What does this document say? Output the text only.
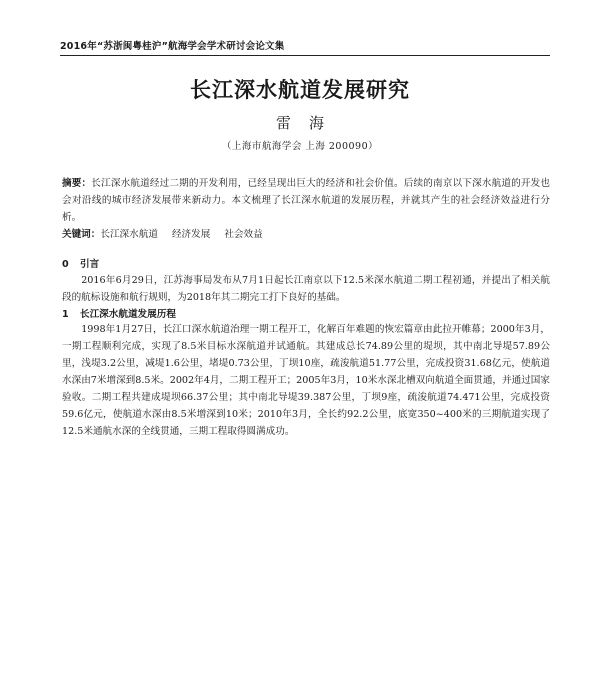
2016年“苏浙闽粤桂沪”航海学会学术研讨会论文集
长江深水航道发展研究
雷海
（上海市航海学会 上海 200090）
摘要：长江深水航道经过二期的开发利用，已经呈现出巨大的经济和社会价值。后续的南京以下深水航道的开发也会对沿线的城市经济发展带来新动力。本文梳理了长江深水航道的发展历程，并就其产生的社会经济效益进行分析。
关键词：长江深水航道 经济发展 社会效益
0 引言

2016年6月29日，江苏海事局发布从7月1日起长江南京以下12.5米深水航道二期工程初通，并提出了相关航段的航标设施和航行规则，为2018年其二期完工打下良好的基础。

1 长江深水航道发展历程

1998年1月27日，长江口深水航道治理一期工程开工，化解百年难题的恢宏篇章由此拉开帷幕；2000年3月，一期工程顺利完成，实现了8.5米目标水深航道并试通航。其建成总长74.89公里的堤坝，其中南北导堤57.89公里，浅堤3.2公里，减堤1.6公里，堵堤0.73公里，丁坝10座，疏浚航道51.77公里，完成投资31.68亿元，使航道水深由7米增深到8.5米。2002年4月，二期工程开工；2005年3月，10米水深北槽双向航道全面贯通，并通过国家验收。二期工程共建成堤坝66.37公里；其中南北导堤39.387公里，丁坝9座，疏浚航道74.471公里，完成投资59.6亿元，使航道水深由8.5米增深到10米；2010年3月，全长约92.2公里，底宽350~400米的三期航道实现了12.5米通航水深的全线贯通，三期工程取得圆满成功。
